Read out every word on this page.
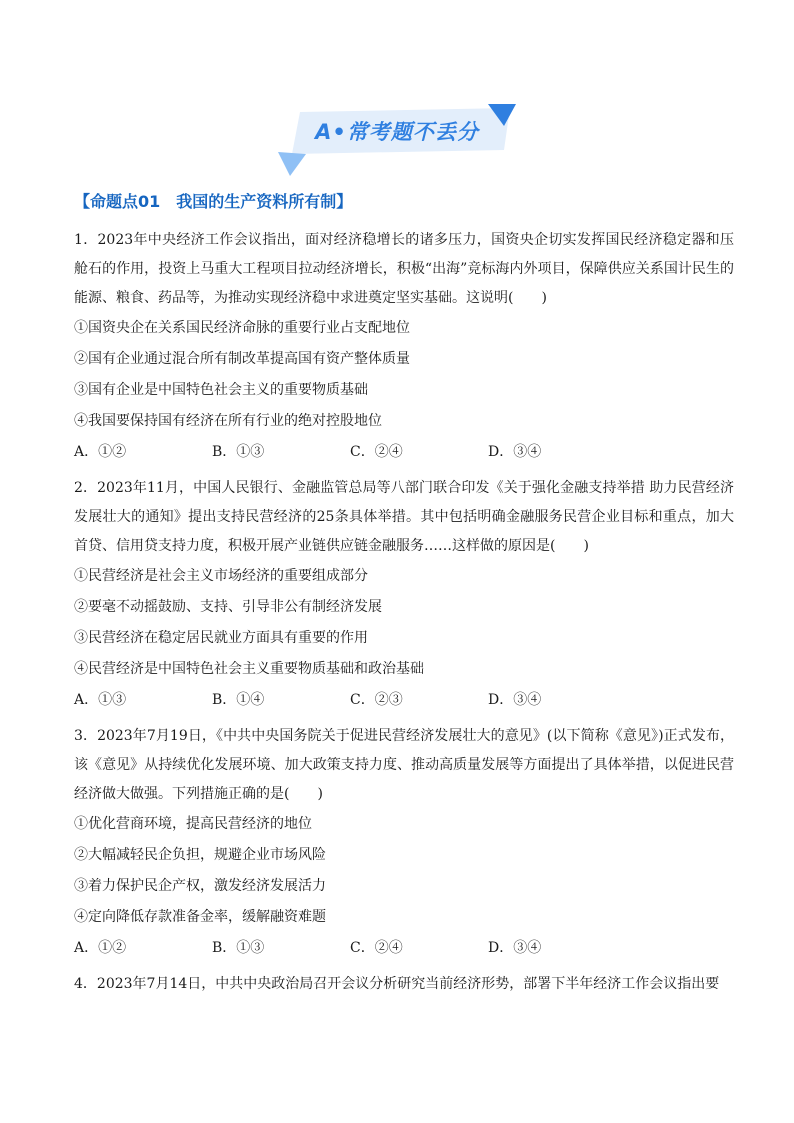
A•常考题不丢分
【命题点01　我国的生产资料所有制】

1．2023年中央经济工作会议指出，面对经济稳增长的诸多压力，国资央企切实发挥国民经济稳定器和压舱石的作用，投资上马重大工程项目拉动经济增长，积极“出海”竞标海内外项目，保障供应关系国计民生的能源、粮食、药品等，为推动实现经济稳中求进奠定坚实基础。这说明(　　)

①国资央企在关系国民经济命脉的重要行业占支配地位

②国有企业通过混合所有制改革提高国有资产整体质量

③国有企业是中国特色社会主义的重要物质基础

④我国要保持国有经济在所有行业的绝对控股地位

A．①②	B．①③	C．②④	D．③④

2．2023年11月，中国人民银行、金融监管总局等八部门联合印发《关于强化金融支持举措 助力民营经济发展壮大的通知》提出支持民营经济的25条具体举措。其中包括明确金融服务民营企业目标和重点，加大首贷、信用贷支持力度，积极开展产业链供应链金融服务……这样做的原因是(　　)

①民营经济是社会主义市场经济的重要组成部分

②要毫不动摇鼓励、支持、引导非公有制经济发展

③民营经济在稳定居民就业方面具有重要的作用

④民营经济是中国特色社会主义重要物质基础和政治基础

A．①③	B．①④	C．②③	D．③④

3．2023年7月19日，《中共中央国务院关于促进民营经济发展壮大的意见》(以下简称《意见》)正式发布，该《意见》从持续优化发展环境、加大政策支持力度、推动高质量发展等方面提出了具体举措，以促进民营经济做大做强。下列措施正确的是(　　)

①优化营商环境，提高民营经济的地位

②大幅减轻民企负担，规避企业市场风险

③着力保护民企产权，激发经济发展活力

④定向降低存款准备金率，缓解融资难题

A．①②	B．①③	C．②④	D．③④

4．2023年7月14日，中共中央政治局召开会议分析研究当前经济形势，部署下半年经济工作会议指出要
